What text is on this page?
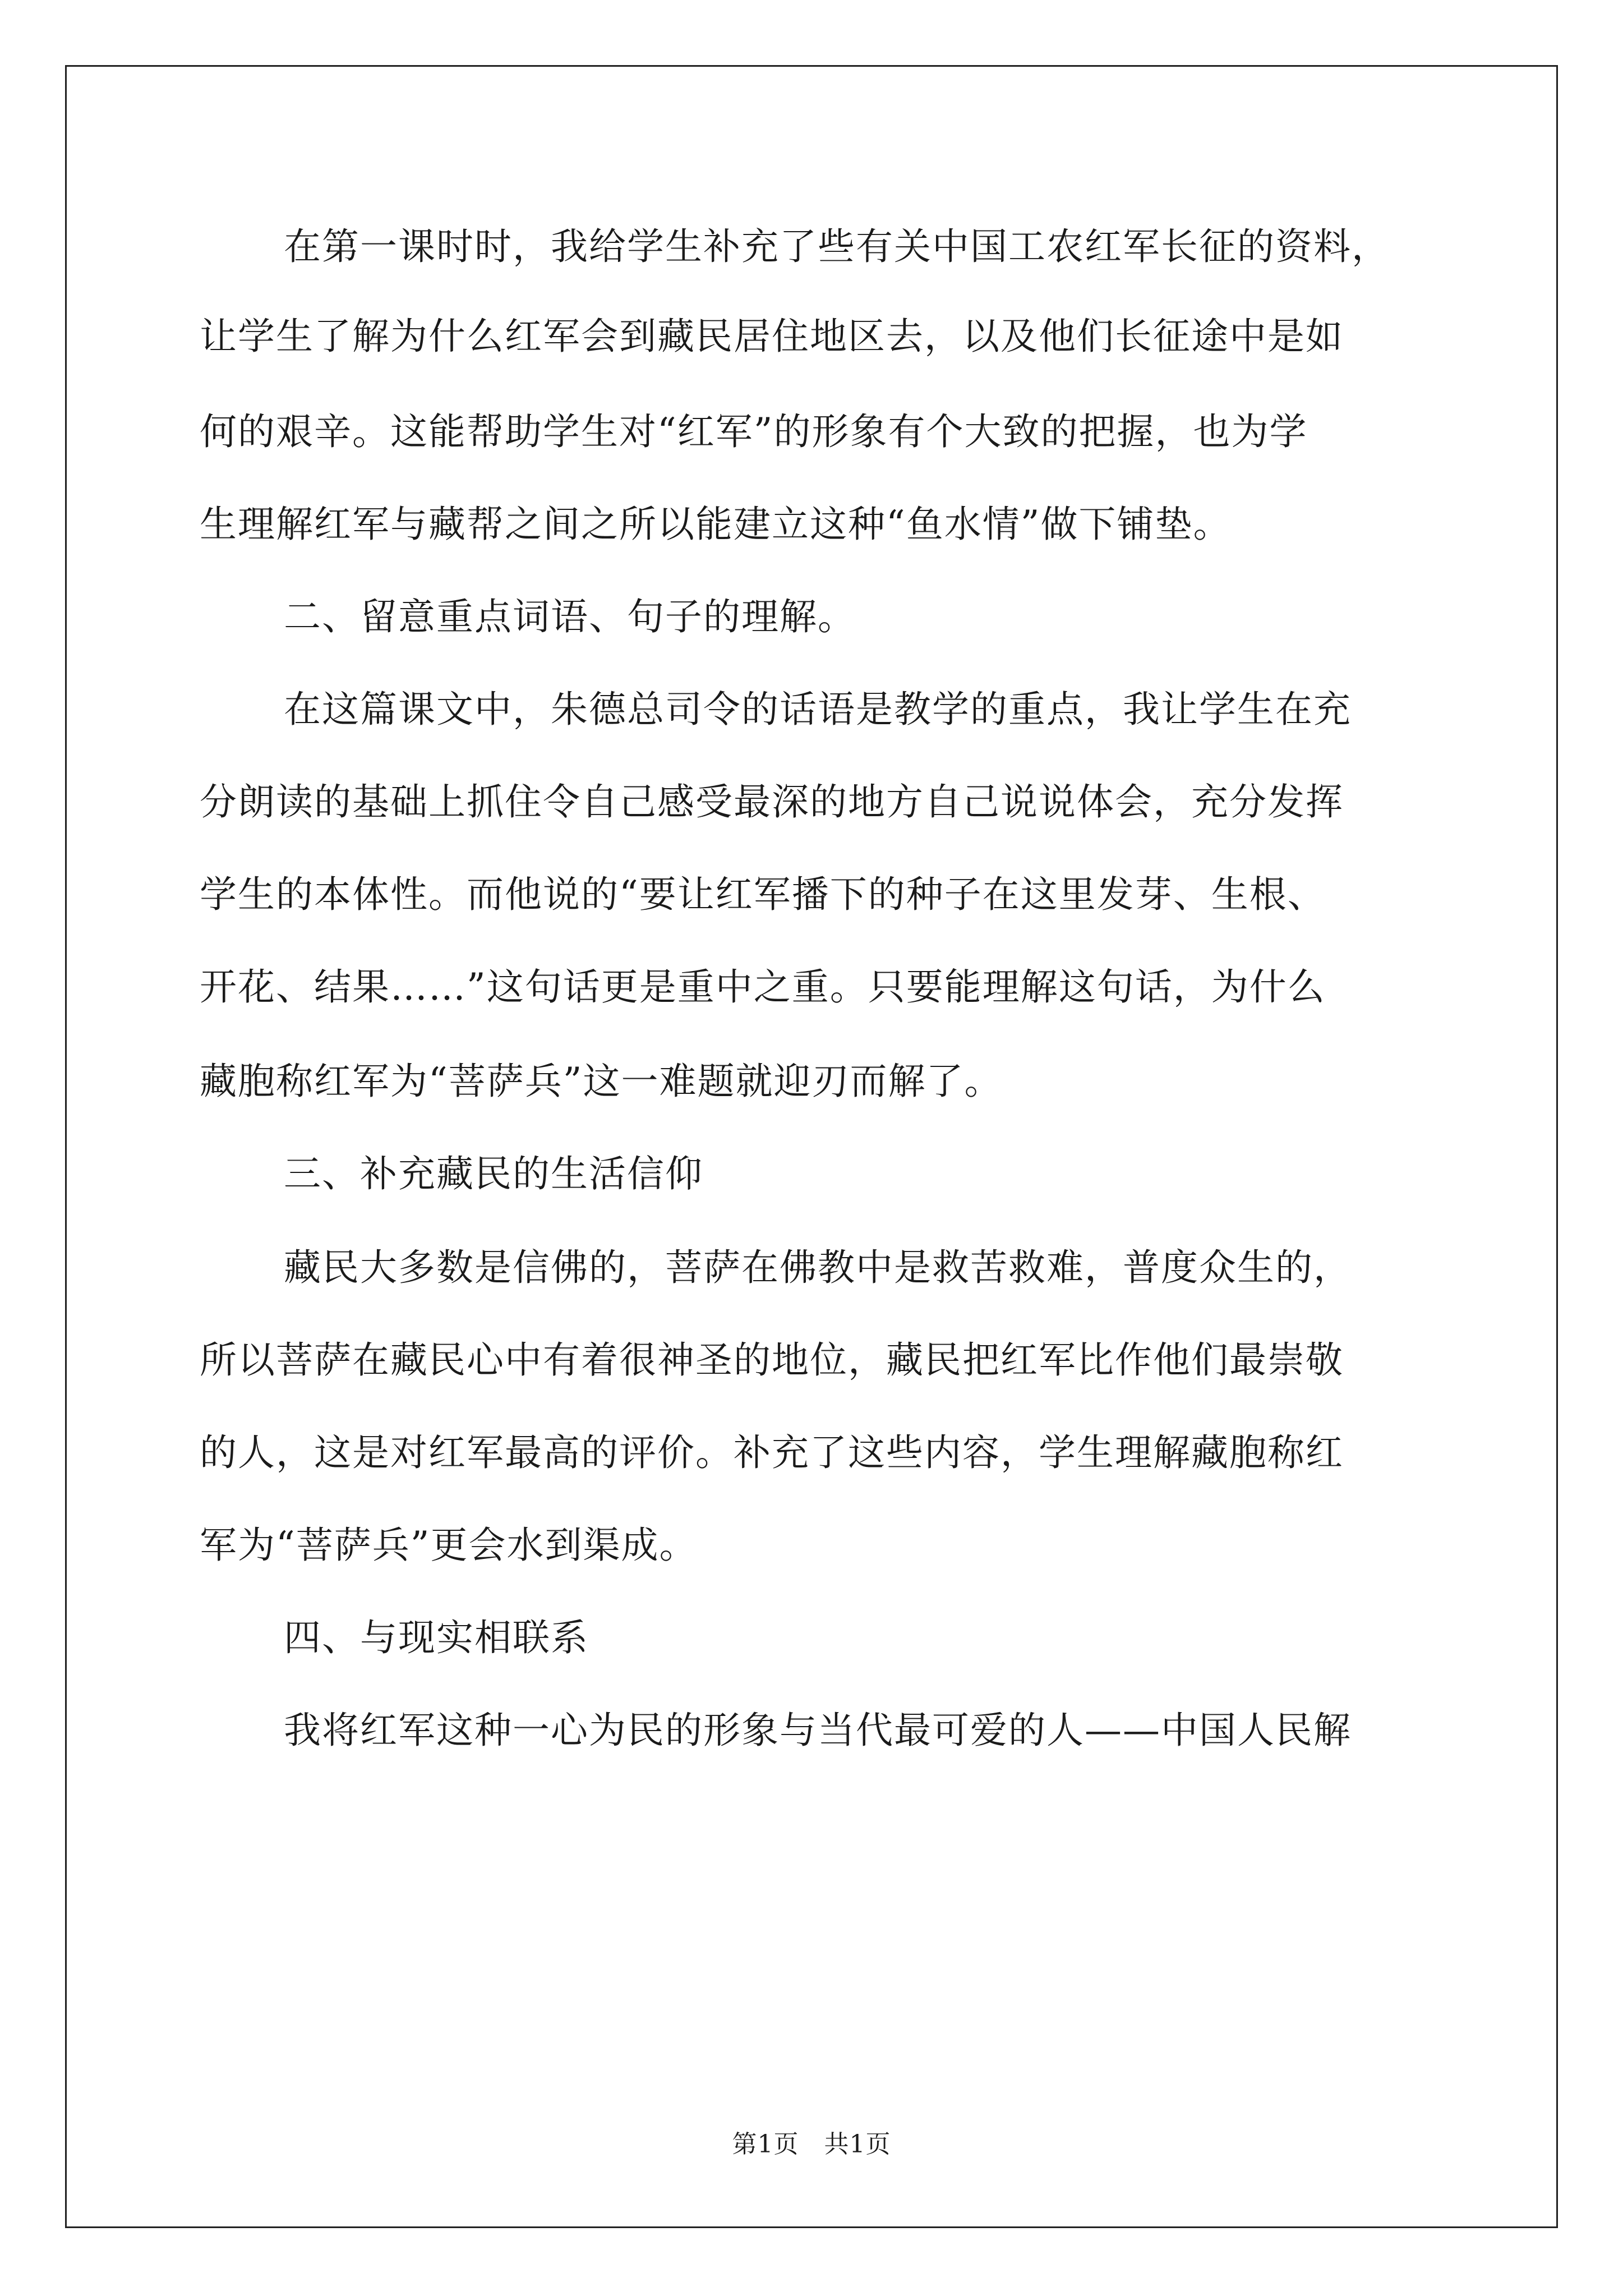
在第一课时时，我给学生补充了些有关中国工农红军长征的资料，
让学生了解为什么红军会到藏民居住地区去，以及他们长征途中是如
何的艰辛。这能帮助学生对“红军”的形象有个大致的把握，也为学
生理解红军与藏帮之间之所以能建立这种“鱼水情”做下铺垫。
二、留意重点词语、句子的理解。
在这篇课文中，朱德总司令的话语是教学的重点，我让学生在充
分朗读的基础上抓住令自己感受最深的地方自己说说体会，充分发挥
学生的本体性。而他说的“要让红军播下的种子在这里发芽、生根、
开花、结果……”这句话更是重中之重。只要能理解这句话，为什么
藏胞称红军为“菩萨兵”这一难题就迎刃而解了。
三、补充藏民的生活信仰
藏民大多数是信佛的，菩萨在佛教中是救苦救难，普度众生的，
所以菩萨在藏民心中有着很神圣的地位，藏民把红军比作他们最崇敬
的人，这是对红军最高的评价。补充了这些内容，学生理解藏胞称红
军为“菩萨兵”更会水到渠成。
四、与现实相联系
我将红军这种一心为民的形象与当代最可爱的人——中国人民解
第1页　共1页
